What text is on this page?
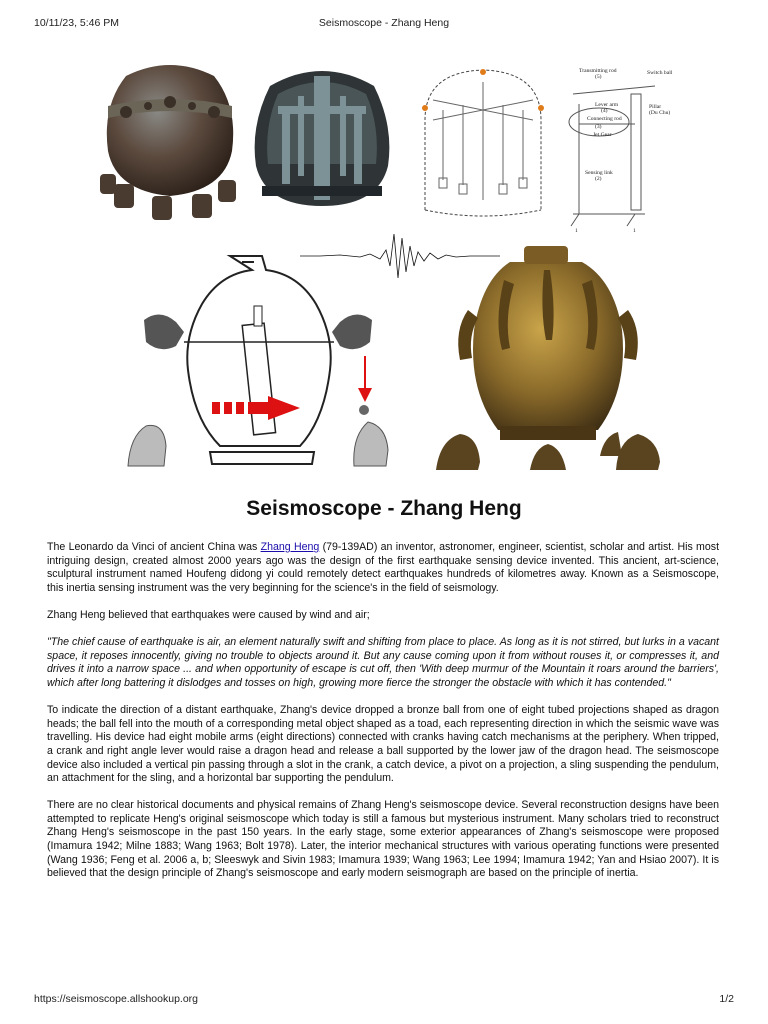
10/11/23, 5:46 PM	Seismoscope - Zhang Heng
Transmitting rod
(5)
Switch ball
Lever arm
(4)
Connecting rod
(3)
Jet Gear
Pillar
(Du Chu)
Sensing link
(2)
1	1
Seismoscope - Zhang Heng

The Leonardo da Vinci of ancient China was Zhang Heng (79-139AD) an inventor, astronomer, engineer, scientist, scholar and artist. His most intriguing design, created almost 2000 years ago was the design of the first earthquake sensing device invented. This ancient, art-science, sculptural instrument named Houfeng didong yi could remotely detect earthquakes hundreds of kilometres away. Known as a Seismoscope, this inertia sensing instrument was the very beginning for the science's in the field of seismology.

Zhang Heng believed that earthquakes were caused by wind and air;

"The chief cause of earthquake is air, an element naturally swift and shifting from place to place. As long as it is not stirred, but lurks in a vacant space, it reposes innocently, giving no trouble to objects around it. But any cause coming upon it from without rouses it, or compresses it, and drives it into a narrow space ... and when opportunity of escape is cut off, then 'With deep murmur of the Mountain it roars around the barriers', which after long battering it dislodges and tosses on high, growing more fierce the stronger the obstacle with which it has contended."

To indicate the direction of a distant earthquake, Zhang's device dropped a bronze ball from one of eight tubed projections shaped as dragon heads; the ball fell into the mouth of a corresponding metal object shaped as a toad, each representing direction in which the seismic wave was travelling. His device had eight mobile arms (eight directions) connected with cranks having catch mechanisms at the periphery. When tripped, a crank and right angle lever would raise a dragon head and release a ball supported by the lower jaw of the dragon head. The seismoscope device also included a vertical pin passing through a slot in the crank, a catch device, a pivot on a projection, a sling suspending the pendulum, an attachment for the sling, and a horizontal bar supporting the pendulum.

There are no clear historical documents and physical remains of Zhang Heng's seismoscope device. Several reconstruction designs have been attempted to replicate Heng's original seismoscope which today is still a famous but mysterious instrument. Many scholars tried to reconstruct Zhang Heng's seismoscope in the past 150 years. In the early stage, some exterior appearances of Zhang's seismoscope were proposed (Imamura 1942; Milne 1883; Wang 1963; Bolt 1978). Later, the interior mechanical structures with various operating functions were presented (Wang 1936; Feng et al. 2006 a, b; Sleeswyk and Sivin 1983; Imamura 1939; Wang 1963; Lee 1994; Imamura 1942; Yan and Hsiao 2007). It is believed that the design principle of Zhang's seismoscope and early modern seismograph are based on the principle of inertia.

https://seismoscope.allshookup.org	1/2
